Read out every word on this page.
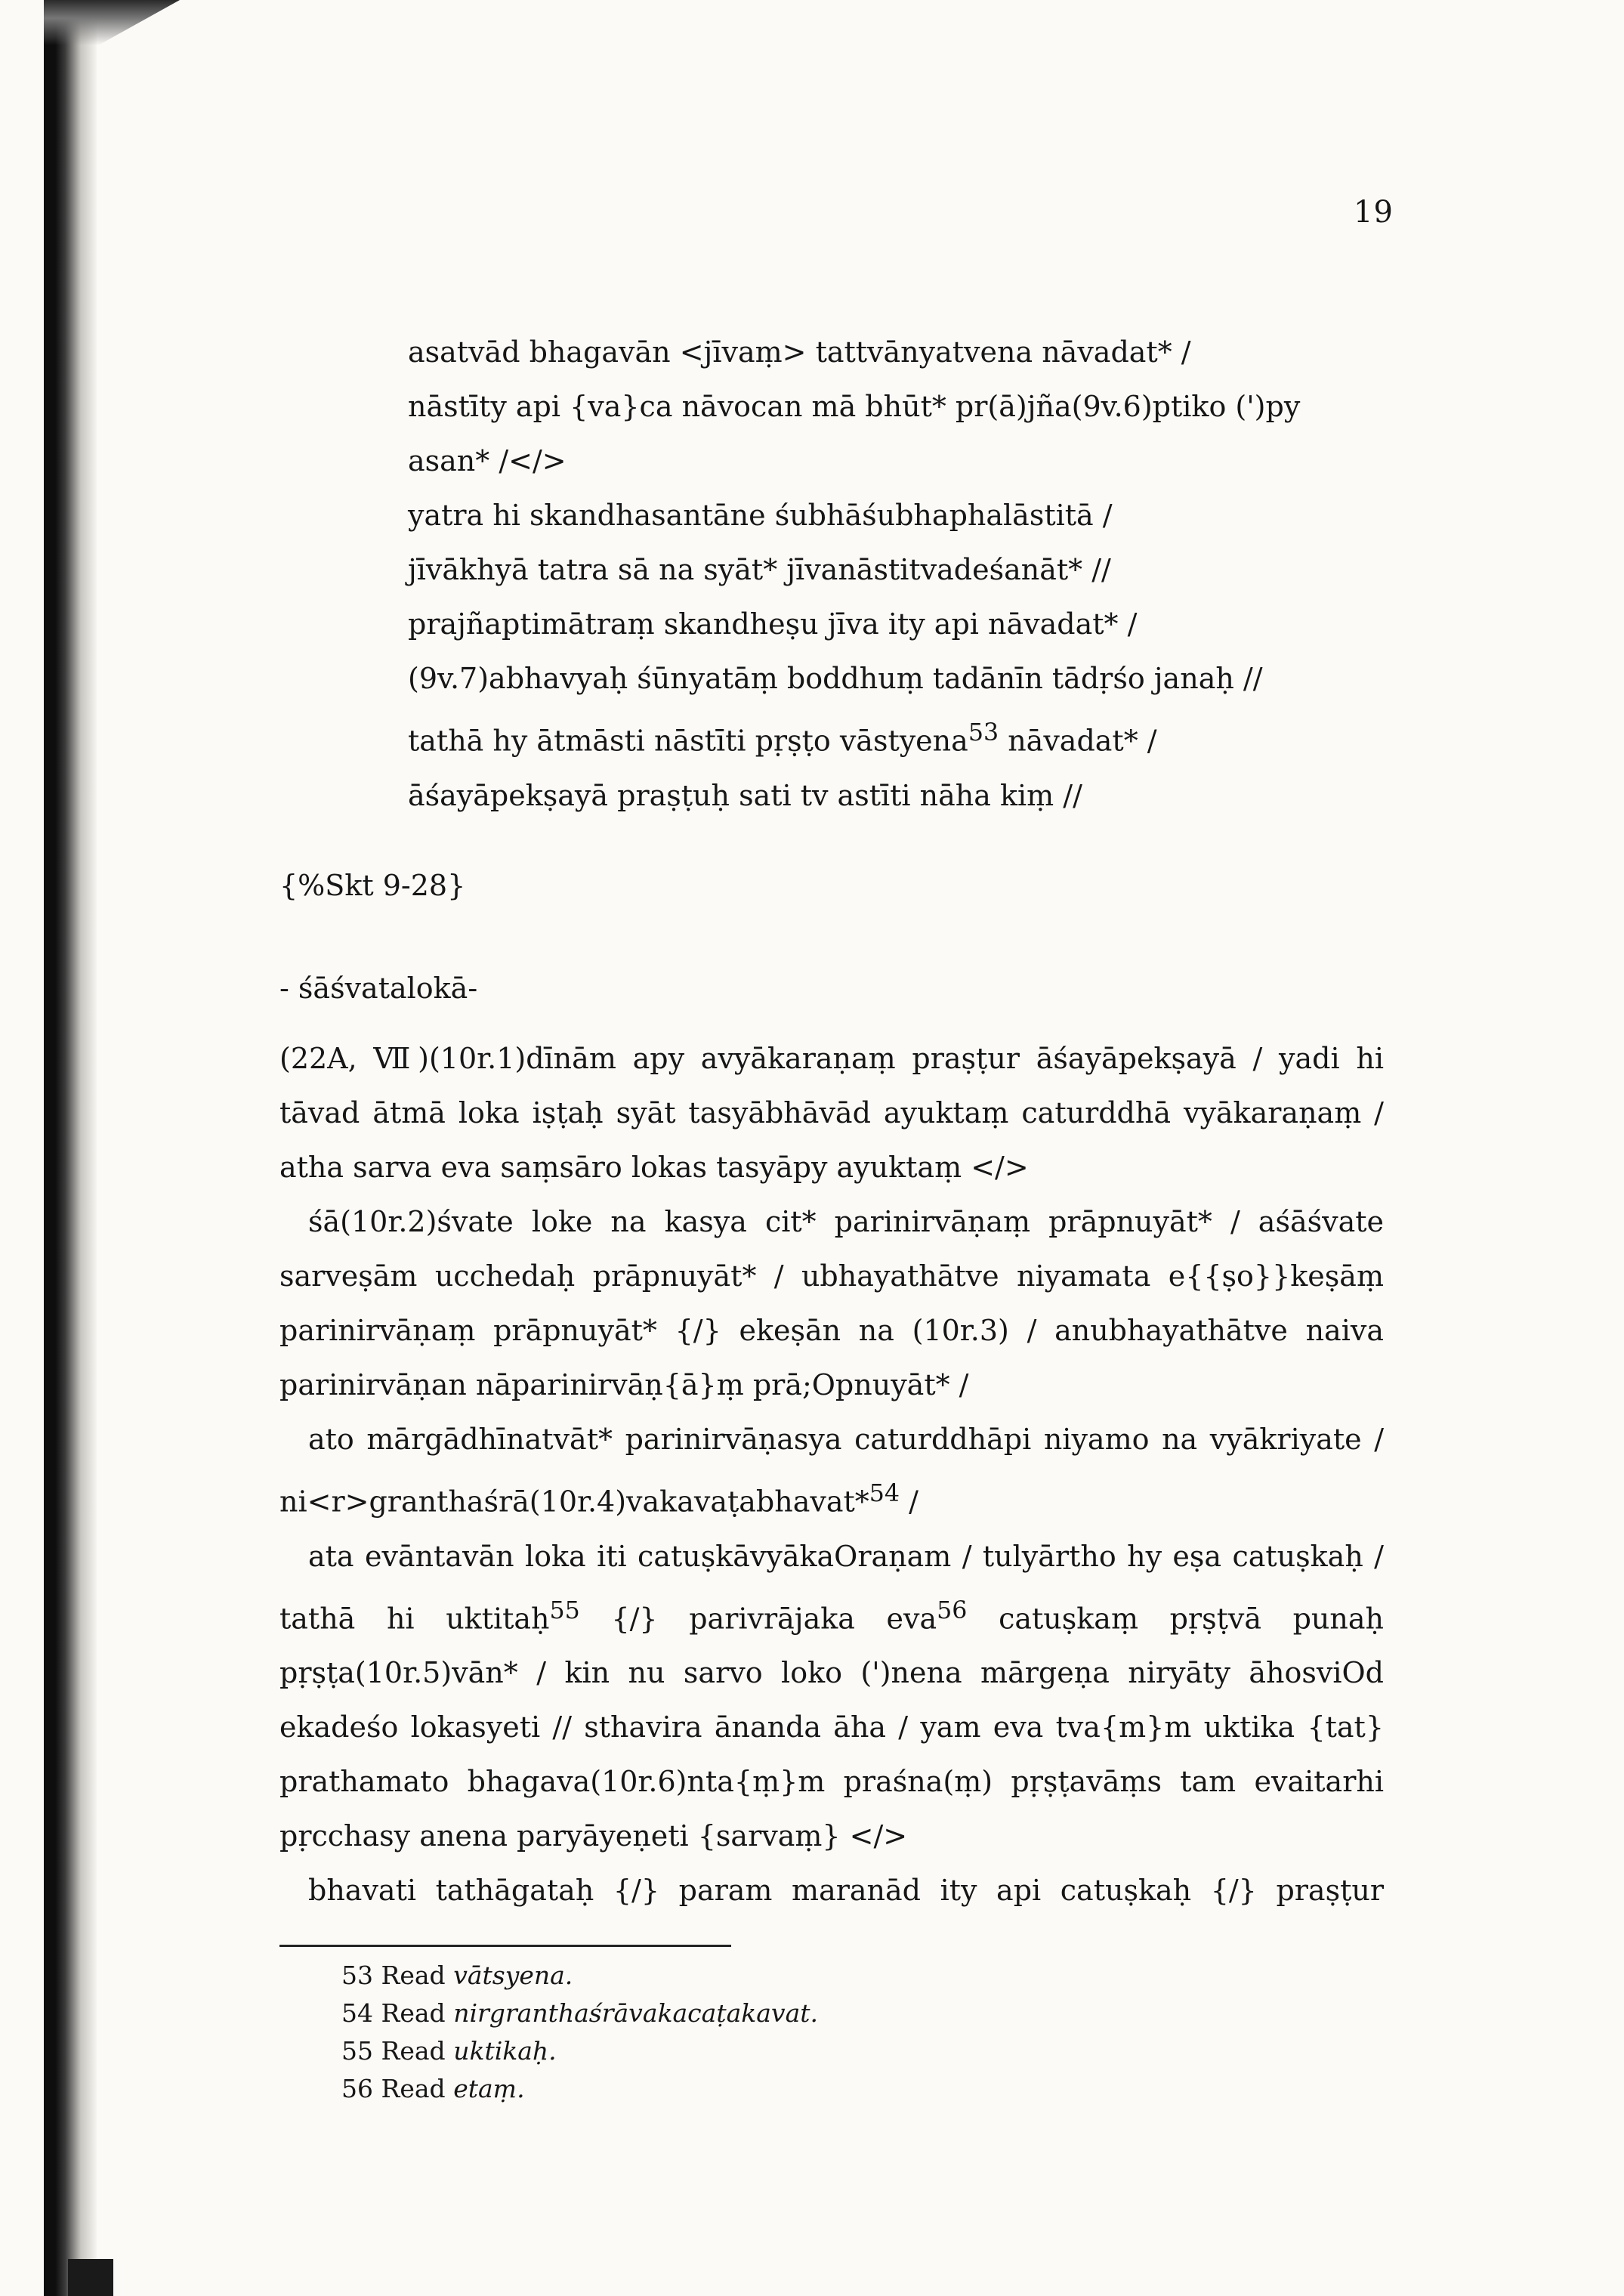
19
asatvād bhagavān <jīvaṃ> tattvānyatvena nāvadat* /
nāstīty api {va}ca nāvocan mā bhūt* pr(ā)jña(9v.6)ptiko (')py
asan* /</>
yatra hi skandhasantāne śubhāśubhaphalāstitā /
jīvākhyā tatra sā na syāt* jīvanāstitvadeśanāt* //
prajñaptimātraṃ skandheṣu jīva ity api nāvadat* /
(9v.7)abhavyaḥ śūnyatāṃ boddhuṃ tadānīn tādṛśo janaḥ //
tathā hy ātmāsti nāstīti pṛṣṭo vāstyena$^{53}$ nāvadat* /
āśayāpekṣayā praṣṭuḥ sati tv astīti nāha kiṃ //
{%Skt 9-28}
- śāśvatalokā-

(22A, Ⅶ)(10r.1)dīnām apy avyākaraṇaṃ praṣṭur āśayāpekṣayā / yadi hi tāvad ātmā loka iṣṭaḥ syāt tasyābhāvād ayuktaṃ caturddhā vyākaraṇaṃ / atha sarva eva saṃsāro lokas tasyāpy ayuktaṃ </>

śā(10r.2)śvate loke na kasya cit* parinirvāṇaṃ prāpnuyāt* / aśāśvate sarveṣām ucchedaḥ prāpnuyāt* / ubhayathātve niyamata e{{ṣo}}keṣāṃ parinirvāṇaṃ prāpnuyāt* {/} ekeṣān na (10r.3) / anubhayathātve naiva parinirvāṇan nāparinirvāṇ{ā}ṃ prā;Opnuyāt* /

ato mārgādhīnatvāt* parinirvāṇasya caturddhāpi niyamo na vyākriyate / ni<r>granthaśrā(10r.4)vakavaṭabhavat*$^{54}$ /

ata evāntavān loka iti catuṣkāvyākaOraṇam / tulyārtho hy eṣa catuṣkaḥ / tathā hi uktitaḥ$^{55}$ {/} parivrājaka eva$^{56}$ catuṣkaṃ pṛṣṭvā punaḥ pṛṣṭa(10r.5)vān* / kin nu sarvo loko (')nena mārgeṇa niryāty āhosviOd ekadeśo lokasyeti // sthavira ānanda āha / yam eva tva{m}m uktika {tat} prathamato bhagava(10r.6)nta{ṃ}m praśna(ṃ) pṛṣṭavāṃs tam evaitarhi pṛcchasy anena paryāyeṇeti {sarvaṃ} </>

bhavati tathāgataḥ {/} param maranād ity api catuṣkaḥ {/} praṣṭur

53 Read vātsyena.
54 Read nirgranthaśrāvakacaṭakavat.
55 Read uktikaḥ.
56 Read etaṃ.
